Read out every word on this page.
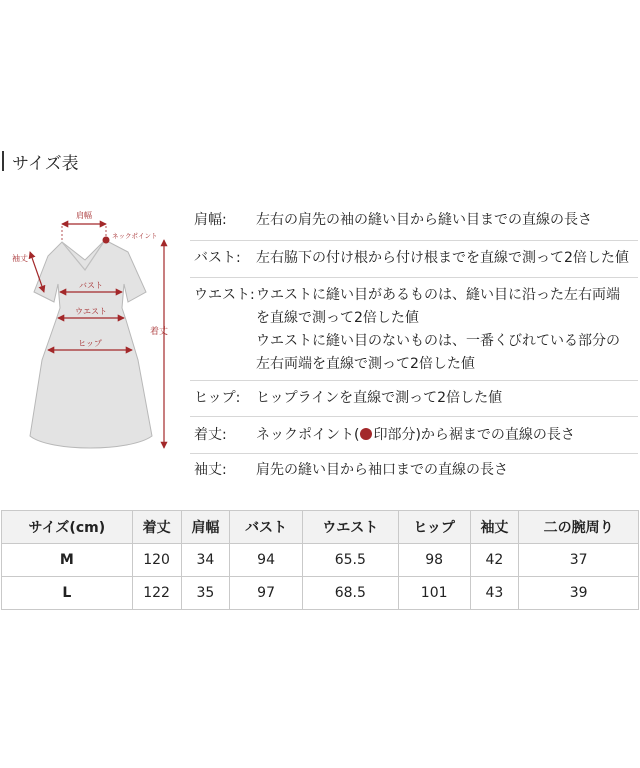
サイズ表
肩幅
ネックポイント
袖丈
バスト
ウエスト
ヒップ
着丈
肩幅:	左右の肩先の袖の縫い目から縫い目までの直線の長さ
バスト:	左右脇下の付け根から付け根までを直線で測って2倍した値
ウエスト: ウエストに縫い目があるものは、縫い目に沿った左右両端
を直線で測って2倍した値
ウエストに縫い目のないものは、一番くびれている部分の
左右両端を直線で測って2倍した値
ヒップ:	ヒップラインを直線で測って2倍した値
着丈:	ネックポイント( 印部分)から裾までの直線の長さ
袖丈:	肩先の縫い目から袖口までの直線の長さ
サイズ(cm)	着丈	肩幅	バスト	ウエスト	ヒップ	袖丈	二の腕周り
M	120	34	94	65.5	98	42	37
L	122	35	97	68.5	101	43	39
